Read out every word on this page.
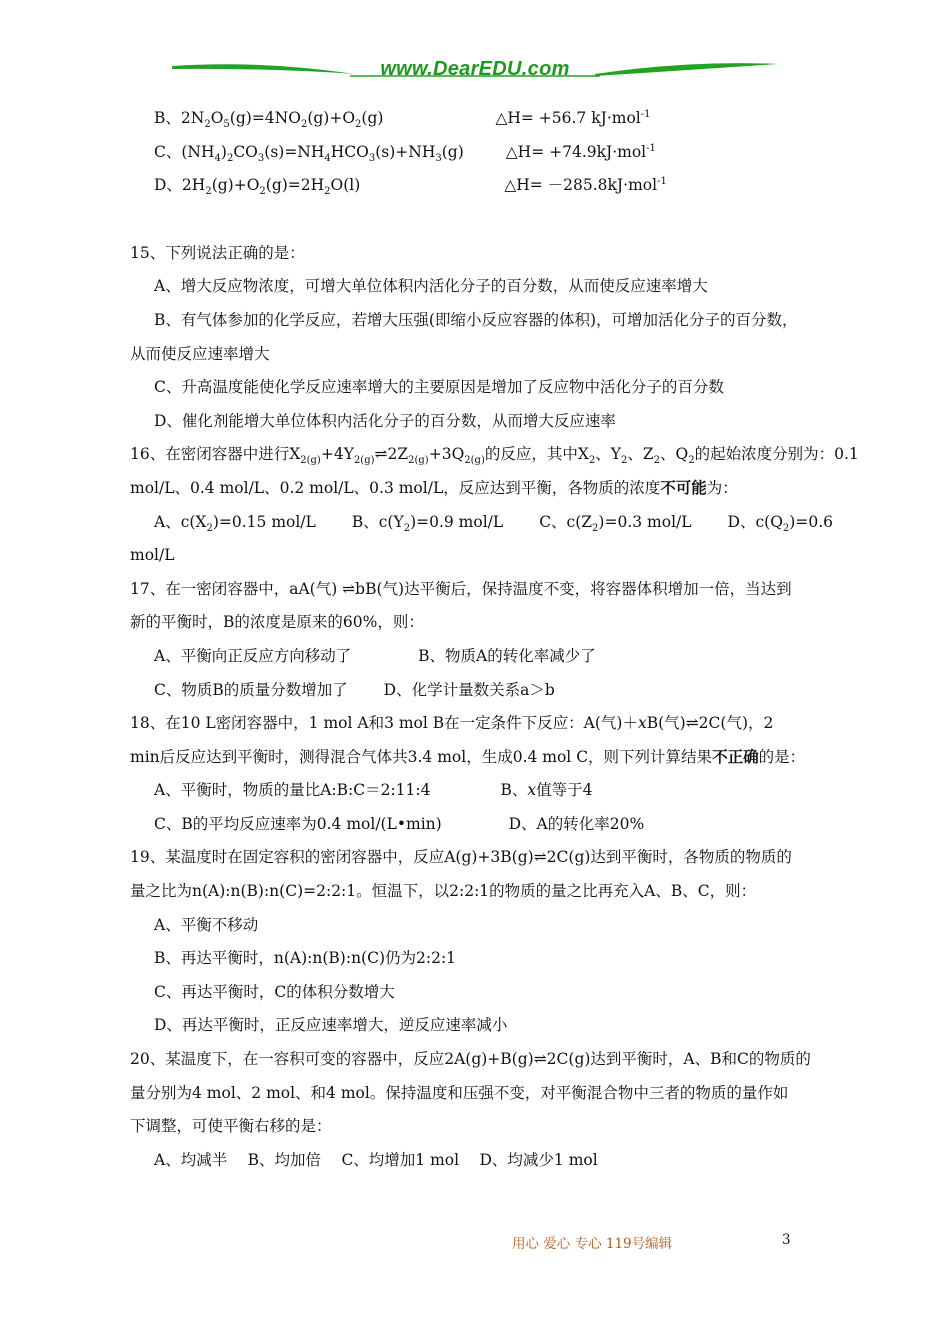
www.DearEDU.com

B、$2N_2O_5(g)=4NO_2(g)+O_2(g)$	△H= +56.7 kJ·mol$^{-1}$

C、$(NH_4)_2CO_3(s)=NH_4HCO_3(s)+NH_3(g)$	△H= +74.9kJ·mol$^{-1}$

D、$2H_2(g)+O_2(g)=2H_2O(l)$	△H= －285.8kJ·mol$^{-1}$

15、下列说法正确的是：

A、增大反应物浓度，可增大单位体积内活化分子的百分数，从而使反应速率增大

B、有气体参加的化学反应，若增大压强(即缩小反应容器的体积)，可增加活化分子的百分数，

从而使反应速率增大

C、升高温度能使化学反应速率增大的主要原因是增加了反应物中活化分子的百分数

D、催化剂能增大单位体积内活化分子的百分数，从而增大反应速率

16、在密闭容器中进行$X_{2(g)}+4Y_{2(g)}\rightleftharpoons 2Z_{2(g)}+3Q_{2(g)}$的反应，其中$X_2$、$Y_2$、$Z_2$、$Q_2$的起始浓度分别为：0.1

mol/L、0.4 mol/L、0.2 mol/L、0.3 mol/L，反应达到平衡，各物质的浓度不可能为：

A、$c(X_2)=0.15$ mol/L B、$c(Y_2)=0.9$ mol/L C、$c(Z_2)=0.3$ mol/L D、$c(Q_2)=0.6$

mol/L

17、在一密闭容器中，aA(气) ⇌bB(气)达平衡后，保持温度不变，将容器体积增加一倍，当达到

新的平衡时，B的浓度是原来的60%，则：

A、平衡向正反应方向移动了　　　　 B、物质A的转化率减少了

C、物质B的质量分数增加了　　 D、化学计量数关系a＞b

18、在10 L密闭容器中，1 mol A和3 mol B在一定条件下反应：A(气)＋xB(气)⇌2C(气)，2

min后反应达到平衡时，测得混合气体共3.4 mol，生成0.4 mol C，则下列计算结果不正确的是：

A、平衡时，物质的量比A:B:C＝2:11:4	B、x值等于4

C、B的平均反应速率为0.4 mol/(L•min)　　　　 D、A的转化率20%

19、某温度时在固定容积的密闭容器中，反应A(g)+3B(g)⇌2C(g)达到平衡时，各物质的物质的

量之比为n(A):n(B):n(C)=2:2:1。恒温下，以2:2:1的物质的量之比再充入A、B、C，则：

A、平衡不移动

B、再达平衡时，n(A):n(B):n(C)仍为2:2:1

C、再达平衡时，C的体积分数增大

D、再达平衡时，正反应速率增大，逆反应速率减小

20、某温度下，在一容积可变的容器中，反应2A(g)+B(g)⇌2C(g)达到平衡时，A、B和C的物质的

量分别为4 mol、2 mol、和4 mol。保持温度和压强不变，对平衡混合物中三者的物质的量作如

下调整，可使平衡右移的是：

A、均减半　 B、均加倍　 C、均增加1 mol　 D、均减少1 mol

用心 爱心 专心 119号编辑	3
